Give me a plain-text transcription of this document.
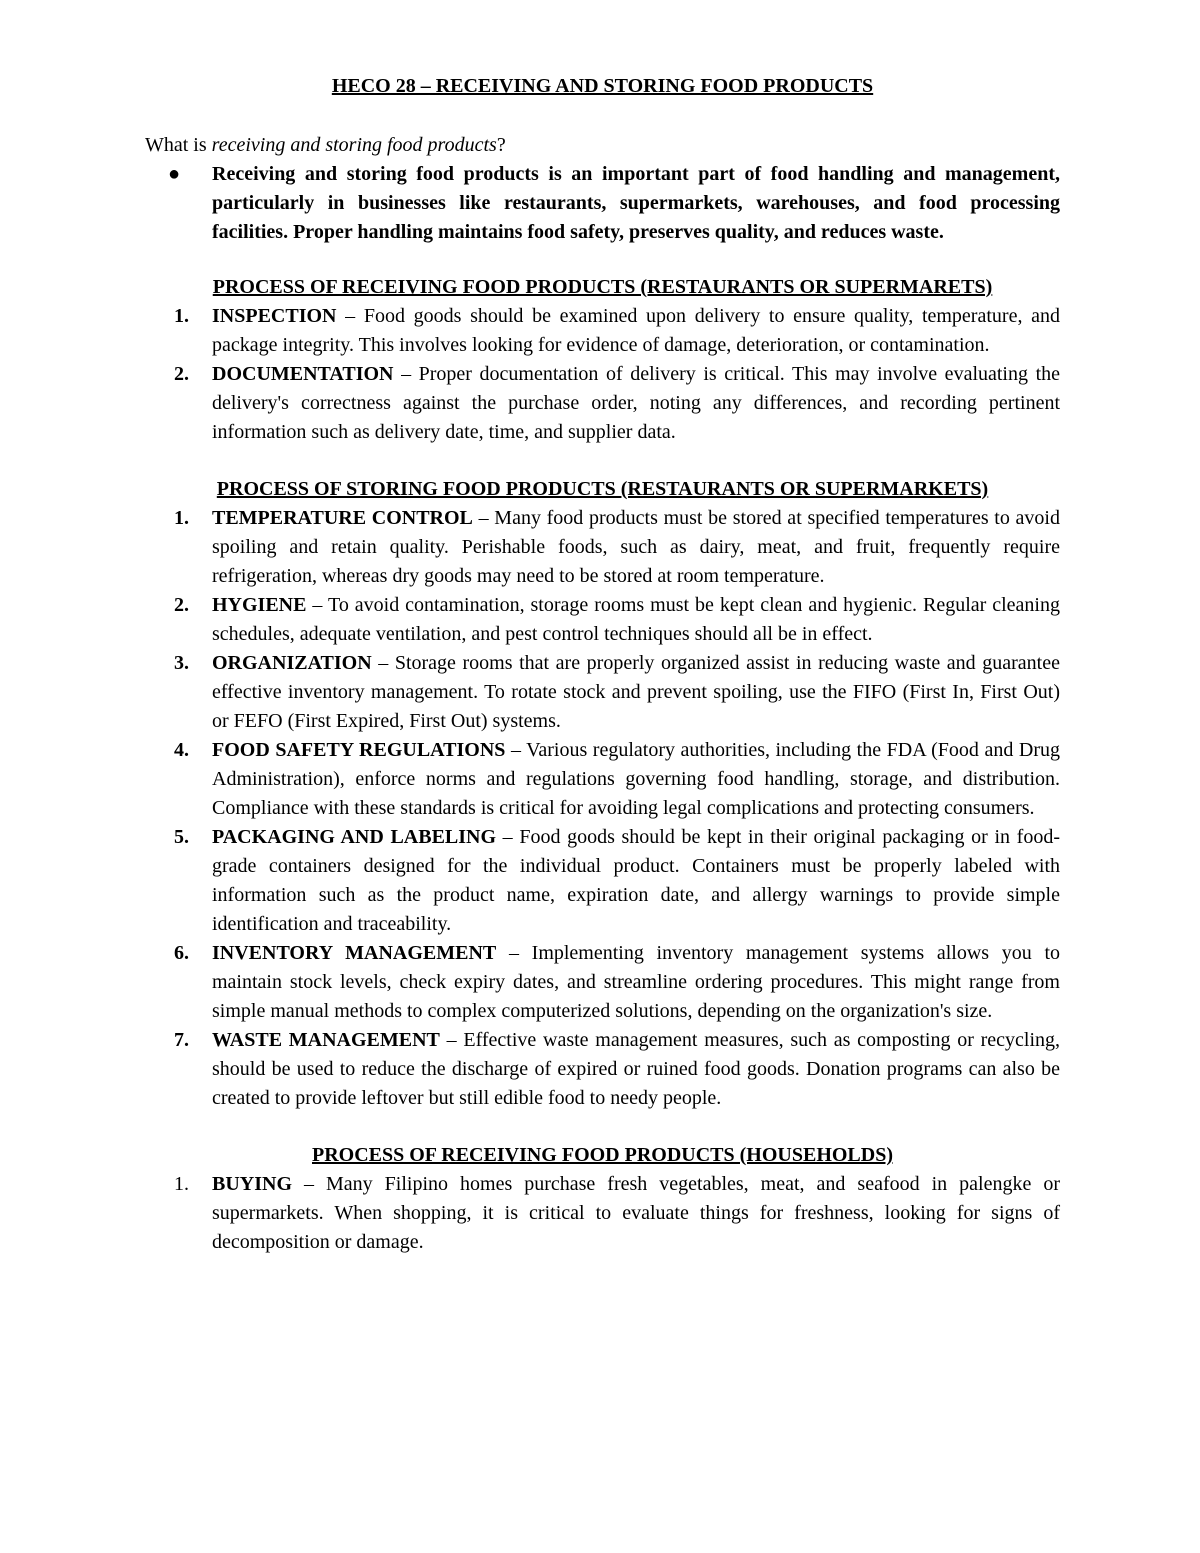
HECO 28 – RECEIVING AND STORING FOOD PRODUCTS

What is receiving and storing food products?

● Receiving and storing food products is an important part of food handling and management, particularly in businesses like restaurants, supermarkets, warehouses, and food processing facilities. Proper handling maintains food safety, preserves quality, and reduces waste.

PROCESS OF RECEIVING FOOD PRODUCTS (RESTAURANTS OR SUPERMARETS)

1. INSPECTION – Food goods should be examined upon delivery to ensure quality, temperature, and package integrity. This involves looking for evidence of damage, deterioration, or contamination.
2. DOCUMENTATION – Proper documentation of delivery is critical. This may involve evaluating the delivery's correctness against the purchase order, noting any differences, and recording pertinent information such as delivery date, time, and supplier data.

PROCESS OF STORING FOOD PRODUCTS (RESTAURANTS OR SUPERMARKETS)

1. TEMPERATURE CONTROL – Many food products must be stored at specified temperatures to avoid spoiling and retain quality. Perishable foods, such as dairy, meat, and fruit, frequently require refrigeration, whereas dry goods may need to be stored at room temperature.
2. HYGIENE – To avoid contamination, storage rooms must be kept clean and hygienic. Regular cleaning schedules, adequate ventilation, and pest control techniques should all be in effect.
3. ORGANIZATION – Storage rooms that are properly organized assist in reducing waste and guarantee effective inventory management. To rotate stock and prevent spoiling, use the FIFO (First In, First Out) or FEFO (First Expired, First Out) systems.
4. FOOD SAFETY REGULATIONS – Various regulatory authorities, including the FDA (Food and Drug Administration), enforce norms and regulations governing food handling, storage, and distribution. Compliance with these standards is critical for avoiding legal complications and protecting consumers.
5. PACKAGING AND LABELING – Food goods should be kept in their original packaging or in food-grade containers designed for the individual product. Containers must be properly labeled with information such as the product name, expiration date, and allergy warnings to provide simple identification and traceability.
6. INVENTORY MANAGEMENT – Implementing inventory management systems allows you to maintain stock levels, check expiry dates, and streamline ordering procedures. This might range from simple manual methods to complex computerized solutions, depending on the organization's size.
7. WASTE MANAGEMENT – Effective waste management measures, such as composting or recycling, should be used to reduce the discharge of expired or ruined food goods. Donation programs can also be created to provide leftover but still edible food to needy people.

PROCESS OF RECEIVING FOOD PRODUCTS (HOUSEHOLDS)

1. BUYING – Many Filipino homes purchase fresh vegetables, meat, and seafood in palengke or supermarkets. When shopping, it is critical to evaluate things for freshness, looking for signs of decomposition or damage.
